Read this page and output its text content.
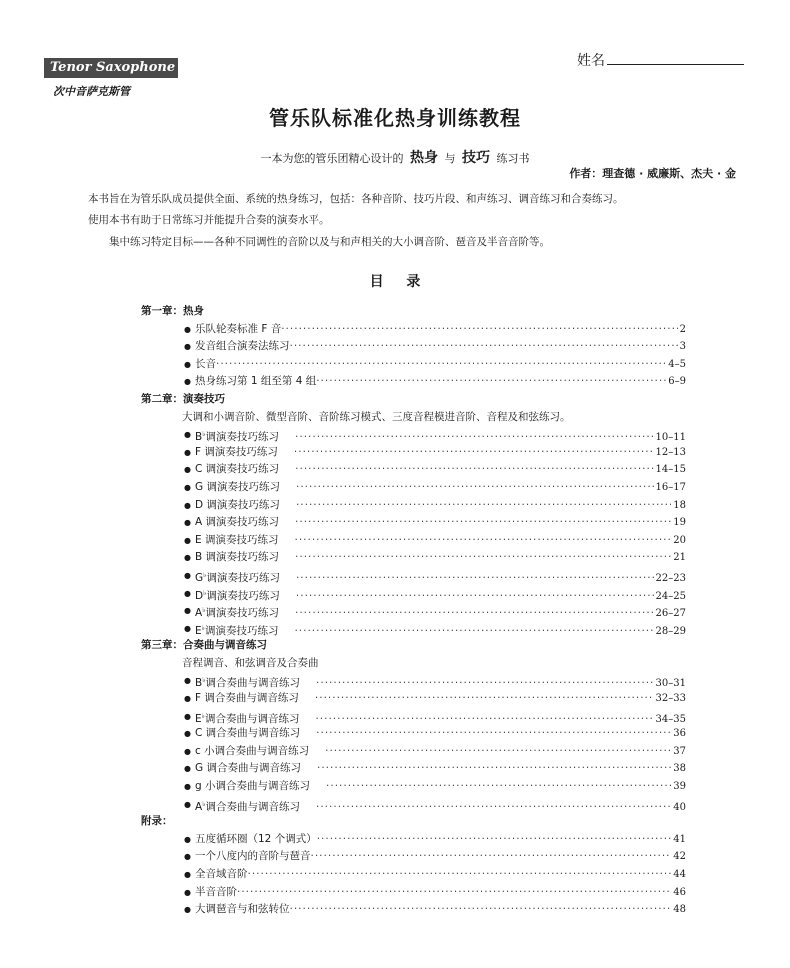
姓名
Tenor Saxophone
次中音萨克斯管
管乐队标准化热身训练教程
一本为您的管乐团精心设计的 热身 与 技巧 练习书
作者：理查德 · 威廉斯、杰夫 · 金
本书旨在为管乐队成员提供全面、系统的热身练习，包括：各种音阶、技巧片段、和声练习、调音练习和合奏练习。
使用本书有助于日常练习并能提升合奏的演奏水平。
集中练习特定目标——各种不同调性的音阶以及与和声相关的大小调音阶、琶音及半音音阶等。
目 录
第一章：热身
● 乐队轮奏标准 F 音 ·····	2
● 发音组合演奏法练习 ·····	3
● 长音 ·····	4–5
● 热身练习第 1 组至第 4 组 ·····	6–9
第二章：演奏技巧
大调和小调音阶、微型音阶、音阶练习模式、三度音程模进音阶、音程及和弦练习。
● B♭调演奏技巧练习 ·····	10–11
● F 调演奏技巧练习 ·····	12–13
● C 调演奏技巧练习 ·····	14–15
● G 调演奏技巧练习 ·····	16–17
● D 调演奏技巧练习 ·····	18
● A 调演奏技巧练习 ·····	19
● E 调演奏技巧练习 ·····	20
● B 调演奏技巧练习 ·····	21
● G♭调演奏技巧练习 ·····	22–23
● D♭调演奏技巧练习 ·····	24–25
● A♭调演奏技巧练习 ·····	26–27
● E♭调演奏技巧练习 ·····	28–29
第三章：合奏曲与调音练习
音程调音、和弦调音及合奏曲
● B♭调合奏曲与调音练习 ·····	30–31
● F 调合奏曲与调音练习 ·····	32–33
● E♭调合奏曲与调音练习 ·····	34–35
● C 调合奏曲与调音练习 ·····	36
● c 小调合奏曲与调音练习 ·····	37
● G 调合奏曲与调音练习 ·····	38
● g 小调合奏曲与调音练习 ·····	39
● A♭调合奏曲与调音练习 ·····	40
附录：
● 五度循环圈（12 个调式） ·····	41
● 一个八度内的音阶与琶音 ·····	42
● 全音域音阶 ·····	44
● 半音音阶 ·····	46
● 大调琶音与和弦转位 ·····	48
